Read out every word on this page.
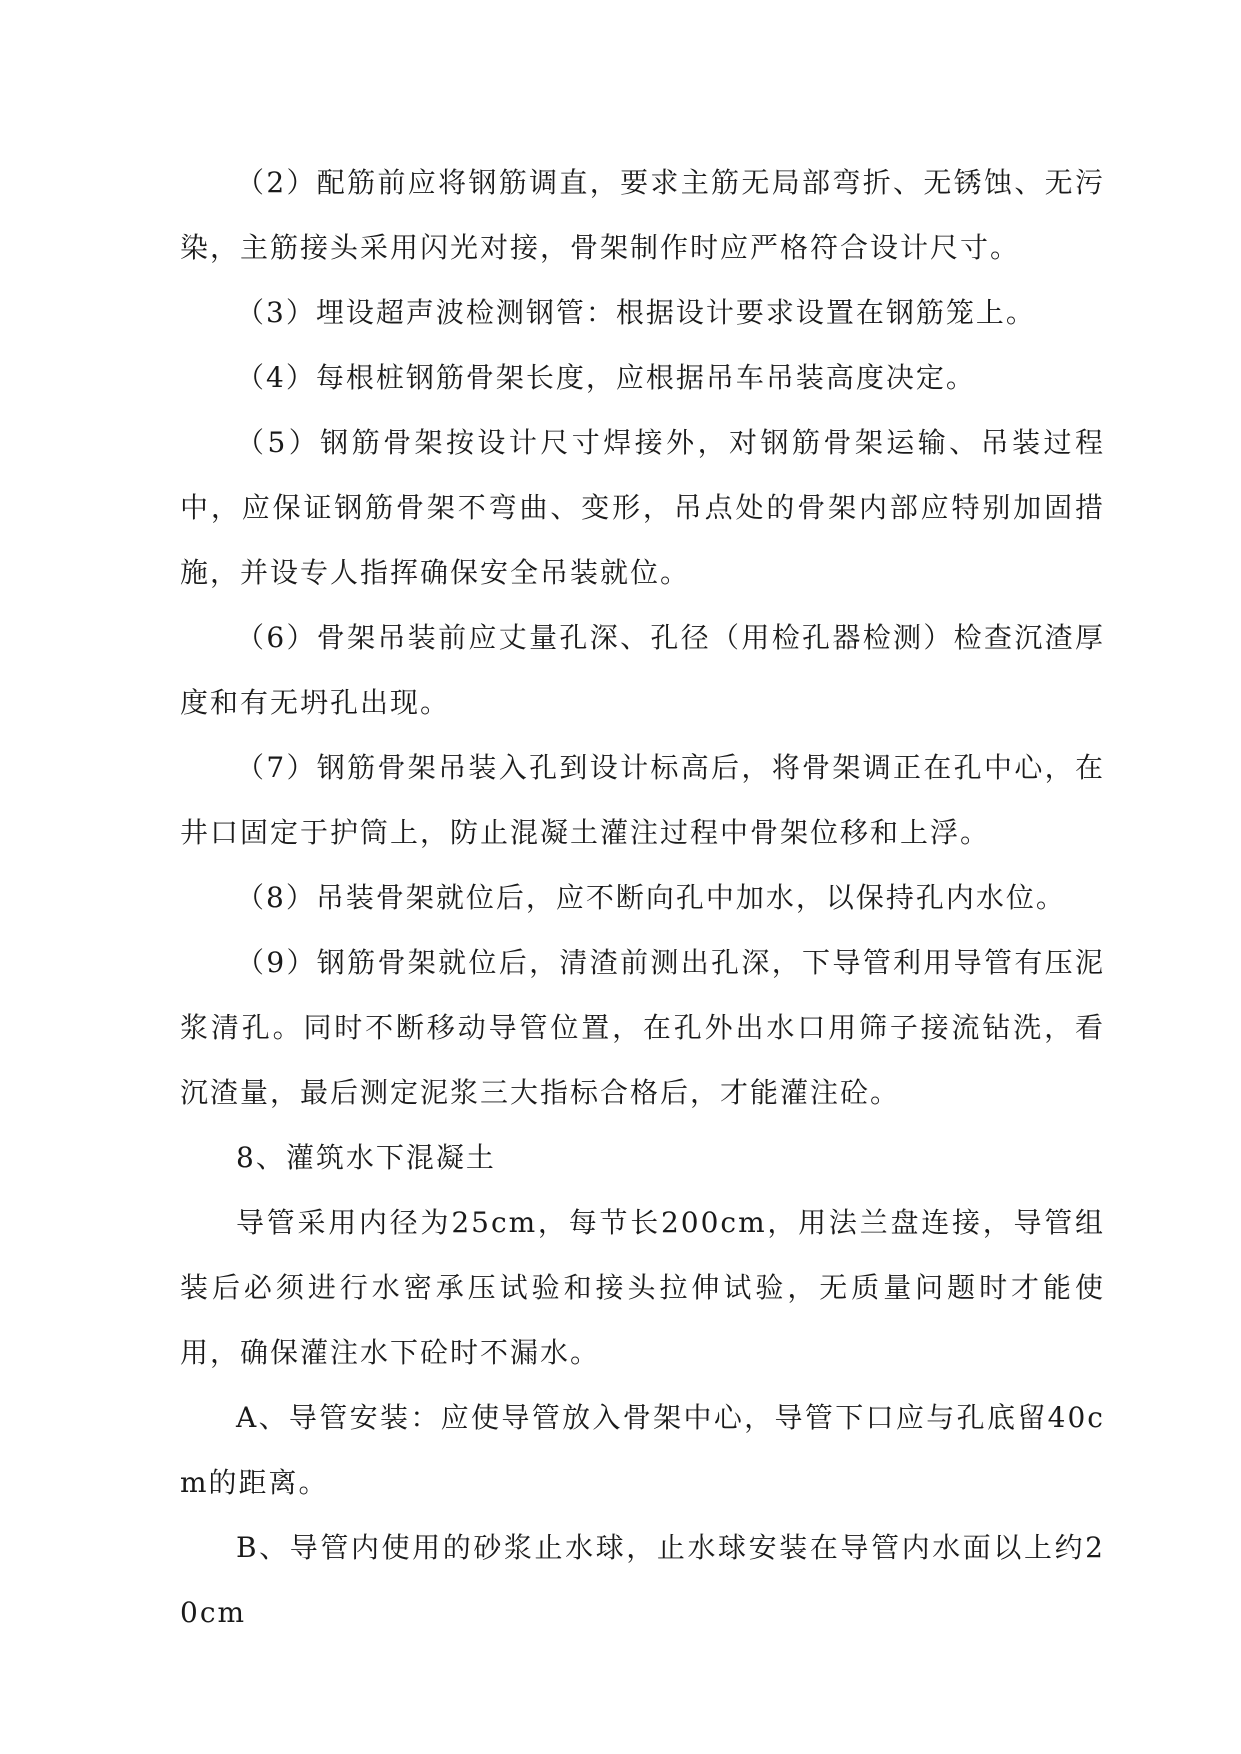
（2）配筋前应将钢筋调直，要求主筋无局部弯折、无锈蚀、无污染，主筋接头采用闪光对接，骨架制作时应严格符合设计尺寸。

（3）埋设超声波检测钢管：根据设计要求设置在钢筋笼上。

（4）每根桩钢筋骨架长度，应根据吊车吊装高度决定。

（5）钢筋骨架按设计尺寸焊接外，对钢筋骨架运输、吊装过程中，应保证钢筋骨架不弯曲、变形，吊点处的骨架内部应特别加固措施，并设专人指挥确保安全吊装就位。

（6）骨架吊装前应丈量孔深、孔径（用检孔器检测）检查沉渣厚度和有无坍孔出现。

（7）钢筋骨架吊装入孔到设计标高后，将骨架调正在孔中心，在井口固定于护筒上，防止混凝土灌注过程中骨架位移和上浮。

（8）吊装骨架就位后，应不断向孔中加水，以保持孔内水位。

（9）钢筋骨架就位后，清渣前测出孔深，下导管利用导管有压泥浆清孔。同时不断移动导管位置，在孔外出水口用筛子接流钻洗，看沉渣量，最后测定泥浆三大指标合格后，才能灌注砼。

8、灌筑水下混凝土

导管采用内径为25cm，每节长200cm，用法兰盘连接，导管组装后必须进行水密承压试验和接头拉伸试验，无质量问题时才能使用，确保灌注水下砼时不漏水。

A、导管安装：应使导管放入骨架中心，导管下口应与孔底留40cm的距离。

B、导管内使用的砂浆止水球，止水球安装在导管内水面以上约20cm
